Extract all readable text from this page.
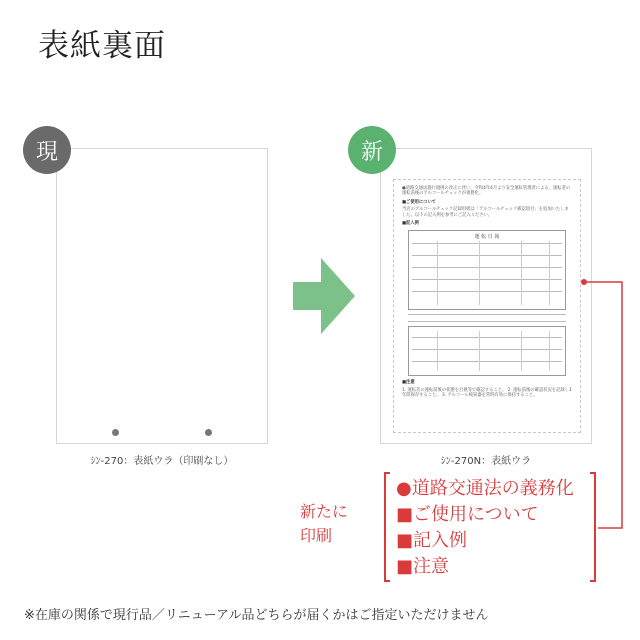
表紙裏面
現
ｼﾝ-270：表紙ウラ（印刷なし）

●道路交通法施行規則の改正に伴い、令和4年4月より安全運転管理者による、運転者の運転前後のアルコールチェックが義務化。

■ご使用について

当店のアルコールチェック記録用紙は「アルコールチェック確認項目」を追加いたしました。以下の記入例を参考にご記入ください。

■記入例

運 転 日 報

■注意

1. 運転者の運転前後の状態を目視等で確認すること。 2. 運転前後の確認状況を記録し1年間保存すること。 3. アルコール検知器を常時有効に保持すること。

新
ｼﾝ-270N：表紙ウラ
新たに
印刷
●道路交通法の義務化
■ご使用について
■記入例
■注意
※在庫の関係で現行品／リニューアル品どちらが届くかはご指定いただけません
